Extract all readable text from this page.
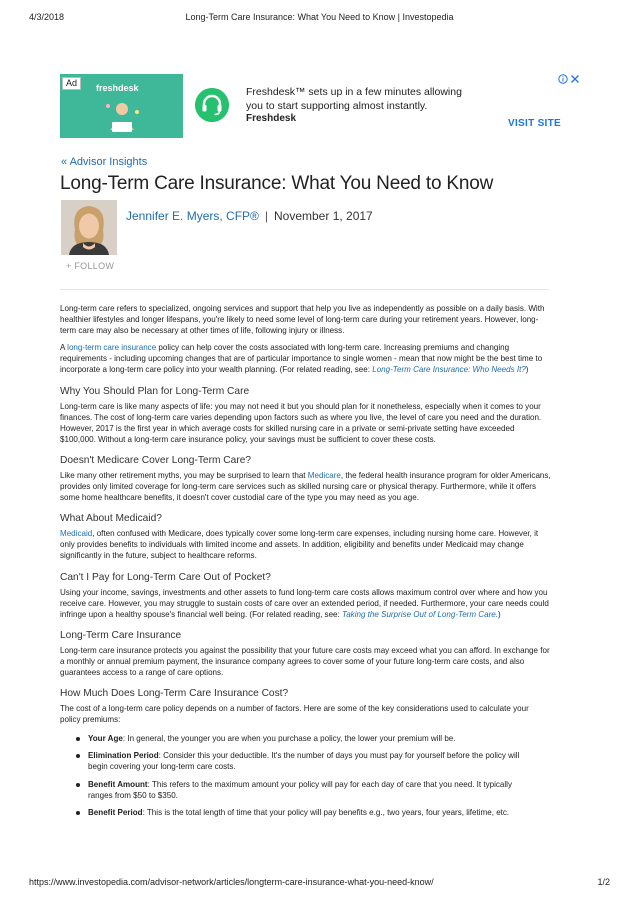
4/3/2018	Long-Term Care Insurance: What You Need to Know | Investopedia
Ad	freshdesk	Freshdesk™ sets up in a few minutes allowing you to start supporting almost instantly.
Freshdesk	VISIT SITE
« Advisor Insights
Long-Term Care Insurance: What You Need to Know
Jennifer E. Myers, CFP® | November 1, 2017
+ FOLLOW

Long-term care refers to specialized, ongoing services and support that help you live as independently as possible on a daily basis. With healthier lifestyles and longer lifespans, you're likely to need some level of long-term care during your retirement years. However, long-term care may also be necessary at other times of life, following injury or illness.

A long-term care insurance policy can help cover the costs associated with long-term care. Increasing premiums and changing requirements - including upcoming changes that are of particular importance to single women - mean that now might be the best time to incorporate a long-term care policy into your wealth planning. (For related reading, see: Long-Term Care Insurance: Who Needs It?)

Why You Should Plan for Long-Term Care

Long-term care is like many aspects of life: you may not need it but you should plan for it nonetheless, especially when it comes to your finances. The cost of long-term care varies depending upon factors such as where you live, the level of care you need and the duration. However, 2017 is the first year in which average costs for skilled nursing care in a private or semi-private setting have exceeded $100,000. Without a long-term care insurance policy, your savings must be sufficient to cover these costs.

Doesn't Medicare Cover Long-Term Care?

Like many other retirement myths, you may be surprised to learn that Medicare, the federal health insurance program for older Americans, provides only limited coverage for long-term care services such as skilled nursing care or physical therapy. Furthermore, while it offers some home healthcare benefits, it doesn't cover custodial care of the type you may need as you age.

What About Medicaid?

Medicaid, often confused with Medicare, does typically cover some long-term care expenses, including nursing home care. However, it only provides benefits to individuals with limited income and assets. In addition, eligibility and benefits under Medicaid may change significantly in the future, subject to healthcare reforms.

Can't I Pay for Long-Term Care Out of Pocket?

Using your income, savings, investments and other assets to fund long-term care costs allows maximum control over where and how you receive care. However, you may struggle to sustain costs of care over an extended period, if needed. Furthermore, your care needs could infringe upon a healthy spouse's financial well being. (For related reading, see: Taking the Surprise Out of Long-Term Care.)

Long-Term Care Insurance

Long-term care insurance protects you against the possibility that your future care costs may exceed what you can afford. In exchange for a monthly or annual premium payment, the insurance company agrees to cover some of your future long-term care costs, and also guarantees access to a range of care options.

How Much Does Long-Term Care Insurance Cost?

The cost of a long-term care policy depends on a number of factors. Here are some of the key considerations used to calculate your policy premiums:

Your Age: In general, the younger you are when you purchase a policy, the lower your premium will be.
Elimination Period: Consider this your deductible. It's the number of days you must pay for yourself before the policy will begin covering your long-term care costs.
Benefit Amount: This refers to the maximum amount your policy will pay for each day of care that you need. It typically ranges from $50 to $350.
Benefit Period: This is the total length of time that your policy will pay benefits e.g., two years, four years, lifetime, etc.
https://www.investopedia.com/advisor-network/articles/longterm-care-insurance-what-you-need-know/	1/2
